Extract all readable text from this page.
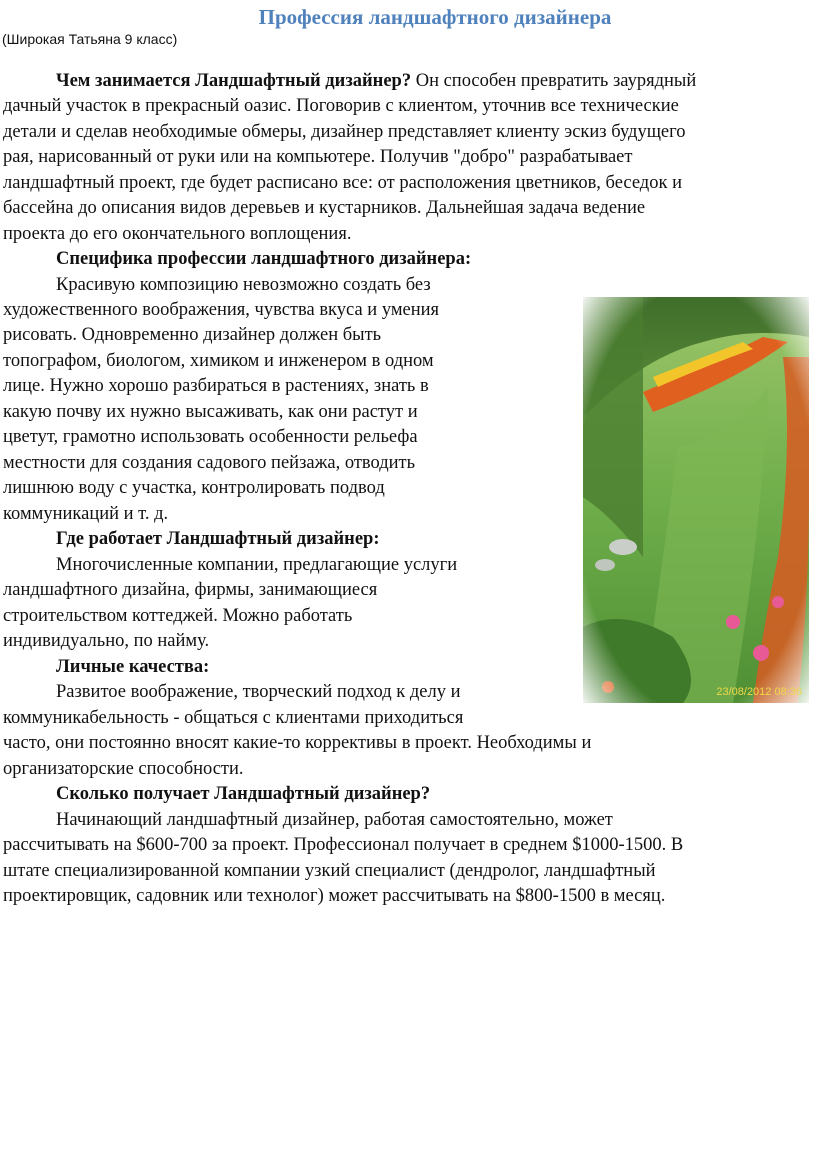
Профессия ландшафтного дизайнера

(Широкая Татьяна 9 класс)

Чем занимается Ландшафтный дизайнер? Он способен превратить заурядный

дачный участок в прекрасный оазис. Поговорив с клиентом, уточнив все технические

детали и сделав необходимые обмеры, дизайнер представляет клиенту эскиз будущего

рая, нарисованный от руки или на компьютере. Получив "добро" разрабатывает

ландшафтный проект, где будет расписано все: от расположения цветников, беседок и

бассейна до описания видов деревьев и кустарников. Дальнейшая задача ведение

проекта до его окончательного воплощения.

Специфика профессии ландшафтного дизайнера:

Красивую композицию невозможно создать без

художественного воображения, чувства вкуса и умения

рисовать. Одновременно дизайнер должен быть

топографом, биологом, химиком и инженером в одном

лице. Нужно хорошо разбираться в растениях, знать в

какую почву их нужно высаживать, как они растут и

цветут, грамотно использовать особенности рельефа

местности для создания садового пейзажа, отводить

лишнюю воду с участка, контролировать подвод

коммуникаций и т. д.

Где работает Ландшафтный дизайнер:

Многочисленные компании, предлагающие услуги

ландшафтного дизайна, фирмы, занимающиеся

строительством коттеджей. Можно работать

индивидуально, по найму.

Личные качества:

Развитое воображение, творческий подход к делу и

коммуникабельность - общаться с клиентами приходиться

часто, они постоянно вносят какие-то коррективы в проект. Необходимы и

организаторские способности.

Сколько получает Ландшафтный дизайнер?

Начинающий ландшафтный дизайнер, работая самостоятельно, может

рассчитывать на $600-700 за проект. Профессионал получает в среднем $1000-1500. В

штате специализированной компании узкий специалист (дендролог, ландшафтный

проектировщик, садовник или технолог) может рассчитывать на $800-1500 в месяц.

23/08/2012 08:36
